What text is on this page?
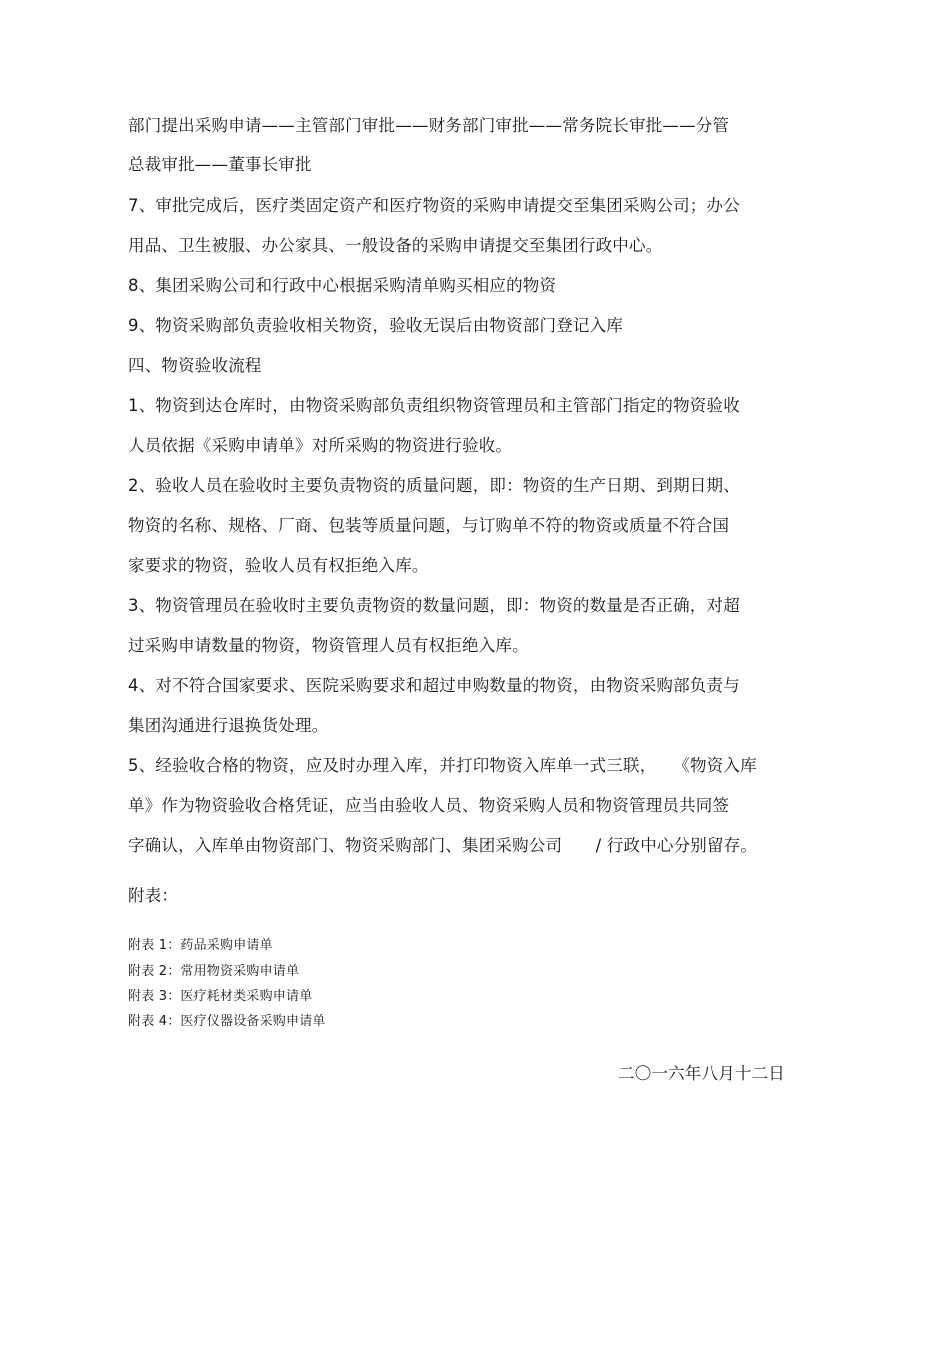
部门提出采购申请——主管部门审批——财务部门审批——常务院长审批——分管

总裁审批——董事长审批

7、审批完成后，医疗类固定资产和医疗物资的采购申请提交至集团采购公司；办公

用品、卫生被服、办公家具、一般设备的采购申请提交至集团行政中心。

8、集团采购公司和行政中心根据采购清单购买相应的物资

9、物资采购部负责验收相关物资，验收无误后由物资部门登记入库

四、物资验收流程

1、物资到达仓库时，由物资采购部负责组织物资管理员和主管部门指定的物资验收

人员依据《采购申请单》对所采购的物资进行验收。

2、验收人员在验收时主要负责物资的质量问题，即：物资的生产日期、到期日期、

物资的名称、规格、厂商、包装等质量问题，与订购单不符的物资或质量不符合国

家要求的物资，验收人员有权拒绝入库。

3、物资管理员在验收时主要负责物资的数量问题，即：物资的数量是否正确，对超

过采购申请数量的物资，物资管理人员有权拒绝入库。

4、对不符合国家要求、医院采购要求和超过申购数量的物资，由物资采购部负责与

集团沟通进行退换货处理。

5、经验收合格的物资，应及时办理入库，并打印物资入库单一式三联，　　《物资入库

单》作为物资验收合格凭证，应当由验收人员、物资采购人员和物资管理员共同签

字确认，入库单由物资部门、物资采购部门、集团采购公司　　/ 行政中心分别留存。

附表：

附表 1：药品采购申请单

附表 2：常用物资采购申请单

附表 3：医疗耗材类采购申请单

附表 4：医疗仪器设备采购申请单

二〇一六年八月十二日
